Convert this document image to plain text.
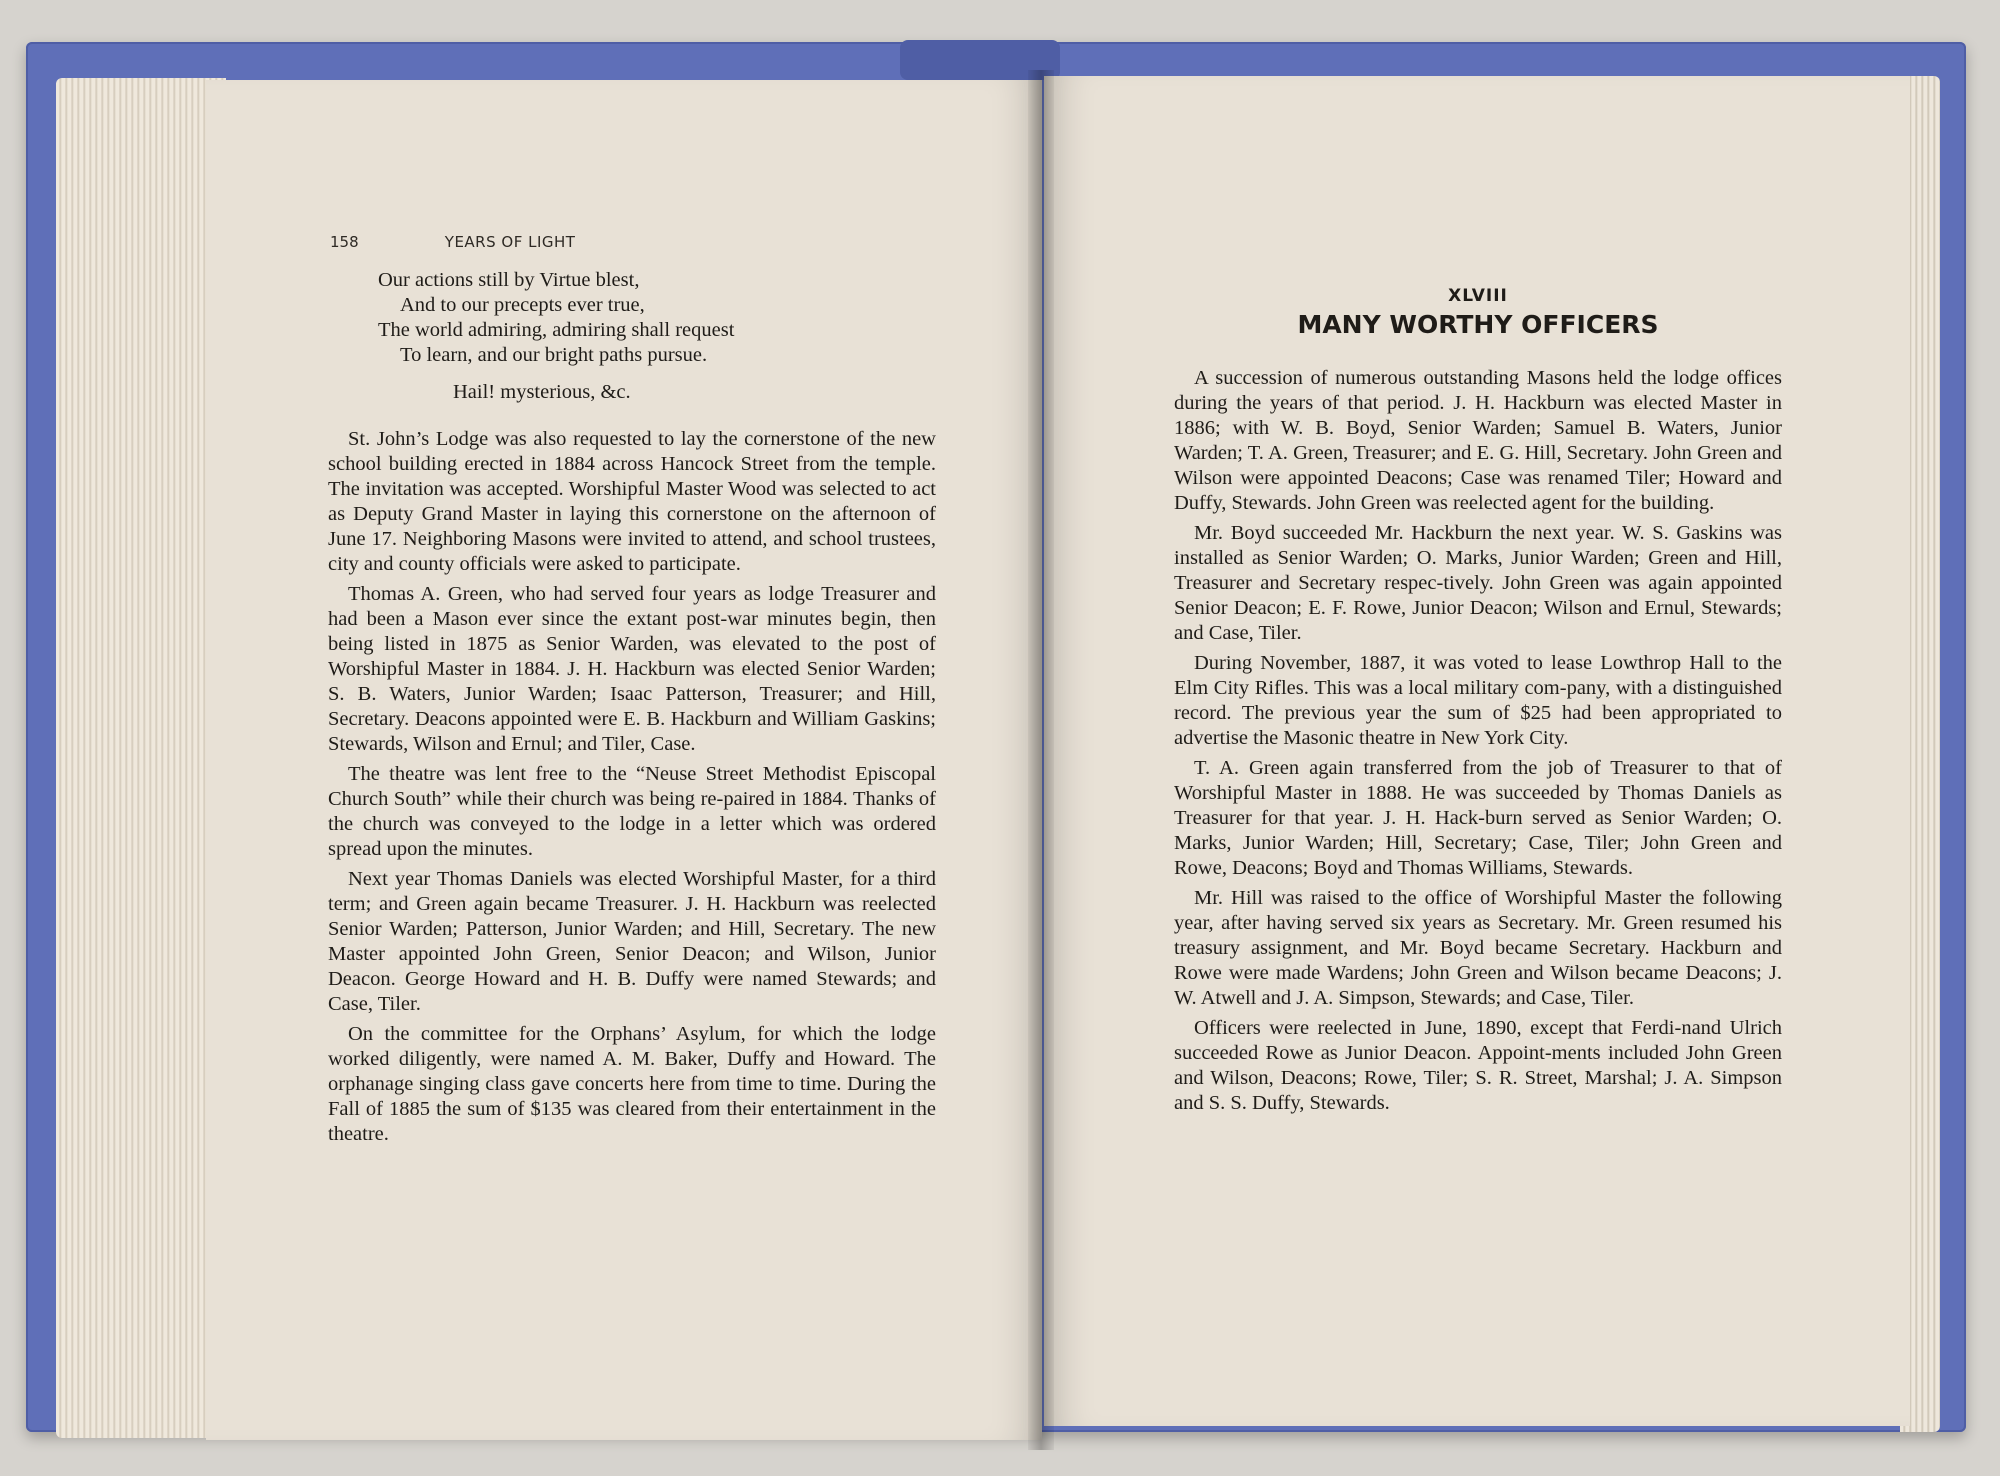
158	YEARS OF LIGHT
Our actions still by Virtue blest,
And to our precepts ever true,
The world admiring, admiring shall request
To learn, and our bright paths pursue.
Hail! mysterious, &c.

St. John’s Lodge was also requested to lay the cornerstone of the new school building erected in 1884 across Hancock Street from the temple. The invitation was accepted. Worshipful Master Wood was selected to act as Deputy Grand Master in laying this cornerstone on the afternoon of June 17. Neighboring Masons were invited to attend, and school trustees, city and county officials were asked to participate.

Thomas A. Green, who had served four years as lodge Treasurer and had been a Mason ever since the extant post-war minutes begin, then being listed in 1875 as Senior Warden, was elevated to the post of Worshipful Master in 1884. J. H. Hackburn was elected Senior Warden; S. B. Waters, Junior Warden; Isaac Patterson, Treasurer; and Hill, Secretary. Deacons appointed were E. B. Hackburn and William Gaskins; Stewards, Wilson and Ernul; and Tiler, Case.

The theatre was lent free to the “Neuse Street Methodist Episcopal Church South” while their church was being re-paired in 1884. Thanks of the church was conveyed to the lodge in a letter which was ordered spread upon the minutes.

Next year Thomas Daniels was elected Worshipful Master, for a third term; and Green again became Treasurer. J. H. Hackburn was reelected Senior Warden; Patterson, Junior Warden; and Hill, Secretary. The new Master appointed John Green, Senior Deacon; and Wilson, Junior Deacon. George Howard and H. B. Duffy were named Stewards; and Case, Tiler.

On the committee for the Orphans’ Asylum, for which the lodge worked diligently, were named A. M. Baker, Duffy and Howard. The orphanage singing class gave concerts here from time to time. During the Fall of 1885 the sum of $135 was cleared from their entertainment in the theatre.

XLVIII
MANY WORTHY OFFICERS

A succession of numerous outstanding Masons held the lodge offices during the years of that period. J. H. Hackburn was elected Master in 1886; with W. B. Boyd, Senior Warden; Samuel B. Waters, Junior Warden; T. A. Green, Treasurer; and E. G. Hill, Secretary. John Green and Wilson were appointed Deacons; Case was renamed Tiler; Howard and Duffy, Stewards. John Green was reelected agent for the building.

Mr. Boyd succeeded Mr. Hackburn the next year. W. S. Gaskins was installed as Senior Warden; O. Marks, Junior Warden; Green and Hill, Treasurer and Secretary respec-tively. John Green was again appointed Senior Deacon; E. F. Rowe, Junior Deacon; Wilson and Ernul, Stewards; and Case, Tiler.

During November, 1887, it was voted to lease Lowthrop Hall to the Elm City Rifles. This was a local military com-pany, with a distinguished record. The previous year the sum of $25 had been appropriated to advertise the Masonic theatre in New York City.

T. A. Green again transferred from the job of Treasurer to that of Worshipful Master in 1888. He was succeeded by Thomas Daniels as Treasurer for that year. J. H. Hack-burn served as Senior Warden; O. Marks, Junior Warden; Hill, Secretary; Case, Tiler; John Green and Rowe, Deacons; Boyd and Thomas Williams, Stewards.

Mr. Hill was raised to the office of Worshipful Master the following year, after having served six years as Secretary. Mr. Green resumed his treasury assignment, and Mr. Boyd became Secretary. Hackburn and Rowe were made Wardens; John Green and Wilson became Deacons; J. W. Atwell and J. A. Simpson, Stewards; and Case, Tiler.

Officers were reelected in June, 1890, except that Ferdi-nand Ulrich succeeded Rowe as Junior Deacon. Appoint-ments included John Green and Wilson, Deacons; Rowe, Tiler; S. R. Street, Marshal; J. A. Simpson and S. S. Duffy, Stewards.
